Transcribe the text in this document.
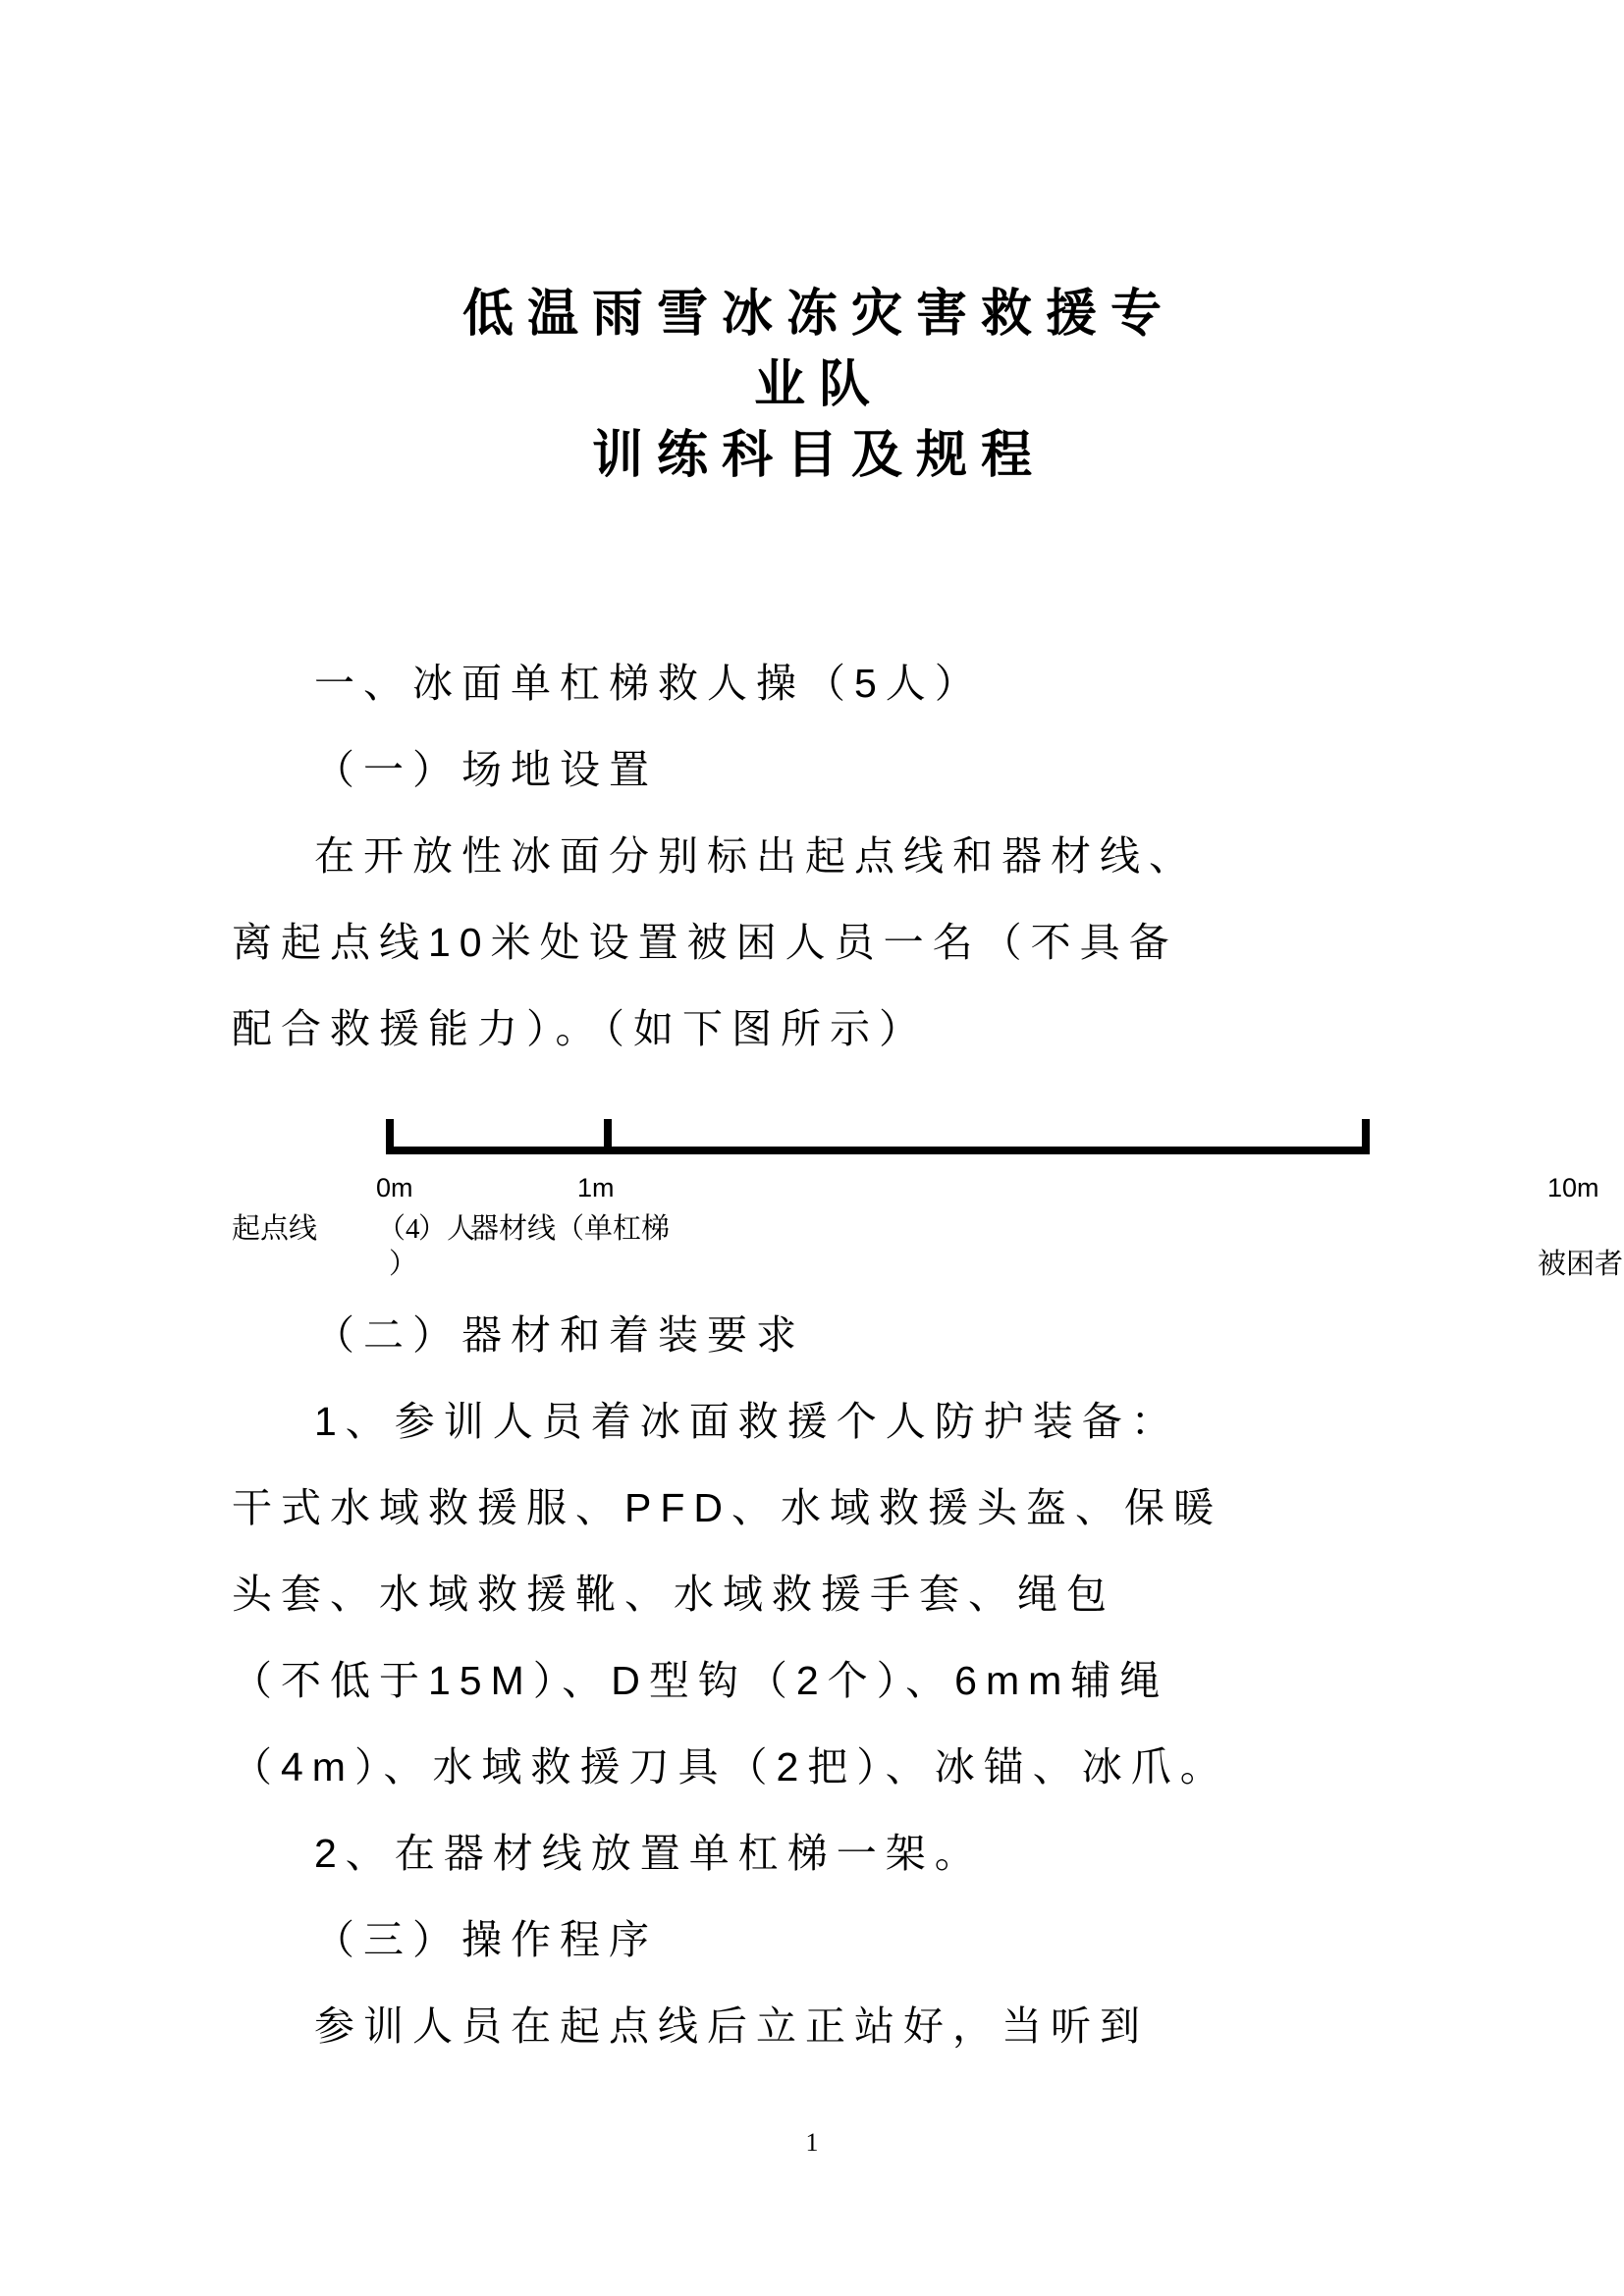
低温雨雪冰冻灾害救援专
业队
训练科目及规程

一、冰面单杠梯救人操（5人）

（一）场地设置

在开放性冰面分别标出起点线和器材线、

离起点线10米处设置被困人员一名（不具备

配合救援能力）。（如下图所示）

0m	1m	10m
起点线 （4
）人
器材线（单杠梯
）	被困者

（二）器材和着装要求

1、参训人员着冰面救援个人防护装备：

干式水域救援服、PFD、水域救援头盔、保暖

头套、水域救援靴、水域救援手套、绳包

（不低于15M）、D型钩（2个）、6mm辅绳

（4m）、水域救援刀具（2把）、冰锚、冰爪。

2、在器材线放置单杠梯一架。

（三）操作程序

参训人员在起点线后立正站好，当听到

1
